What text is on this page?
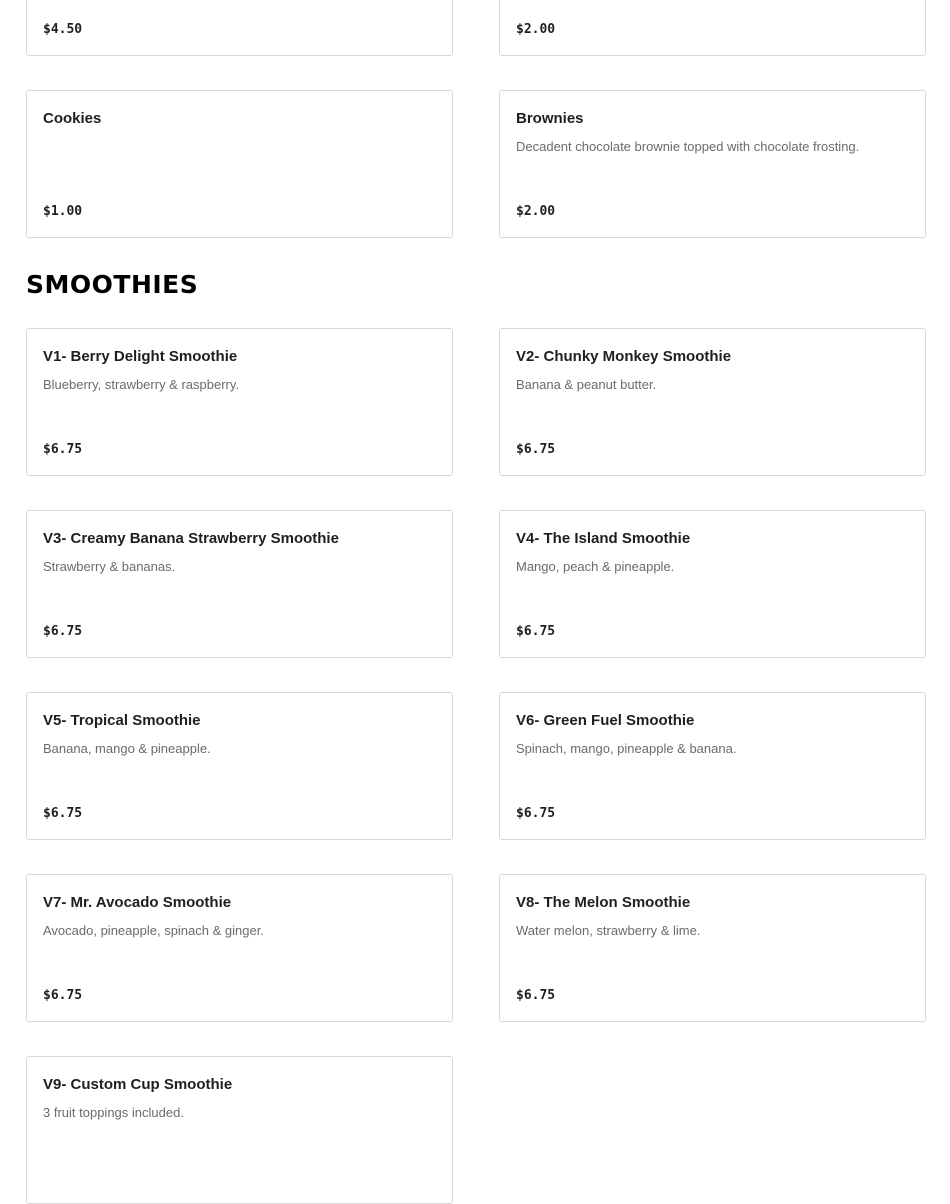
$4.50	$2.00
Cookies
$1.00
Brownies
Decadent chocolate brownie topped with chocolate frosting.
$2.00
SMOOTHIES
V1- Berry Delight Smoothie
Blueberry, strawberry & raspberry.
$6.75
V2- Chunky Monkey Smoothie
Banana & peanut butter.
$6.75
V3- Creamy Banana Strawberry Smoothie
Strawberry & bananas.
$6.75
V4- The Island Smoothie
Mango, peach & pineapple.
$6.75
V5- Tropical Smoothie
Banana, mango & pineapple.
$6.75
V6- Green Fuel Smoothie
Spinach, mango, pineapple & banana.
$6.75
V7- Mr. Avocado Smoothie
Avocado, pineapple, spinach & ginger.
$6.75
V8- The Melon Smoothie
Water melon, strawberry & lime.
$6.75
V9- Custom Cup Smoothie
3 fruit toppings included.
